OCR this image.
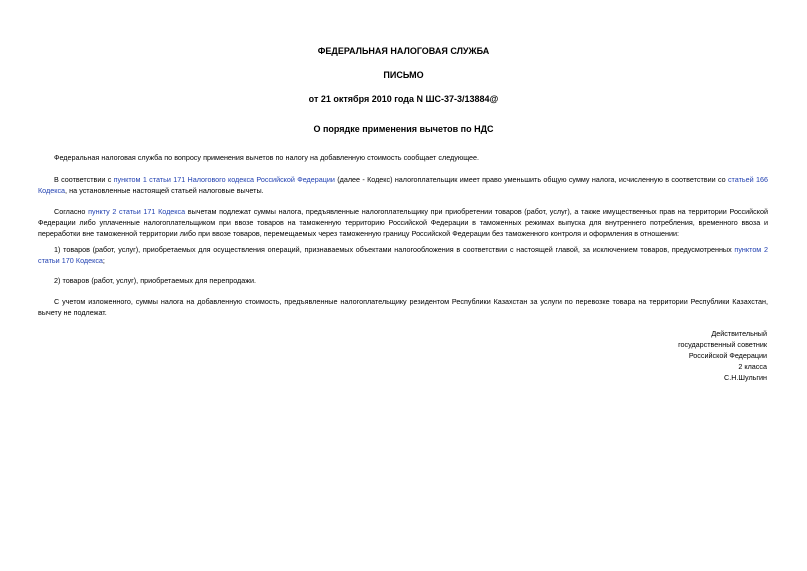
ФЕДЕРАЛЬНАЯ НАЛОГОВАЯ СЛУЖБА
ПИСЬМО
от 21 октября 2010 года N ШС-37-3/13884@
О порядке применения вычетов по НДС
Федеральная налоговая служба по вопросу применения вычетов по налогу на добавленную стоимость сообщает следующее.
В соответствии с пунктом 1 статьи 171 Налогового кодекса Российской Федерации (далее - Кодекс) налогоплательщик имеет право уменьшить общую сумму налога, исчисленную в соответствии со статьей 166 Кодекса, на установленные настоящей статьей налоговые вычеты.
Согласно пункту 2 статьи 171 Кодекса вычетам подлежат суммы налога, предъявленные налогоплательщику при приобретении товаров (работ, услуг), а также имущественных прав на территории Российской Федерации либо уплаченные налогоплательщиком при ввозе товаров на таможенную территорию Российской Федерации в таможенных режимах выпуска для внутреннего потребления, временного ввоза и переработки вне таможенной территории либо при ввозе товаров, перемещаемых через таможенную границу Российской Федерации без таможенного контроля и оформления в отношении:
1) товаров (работ, услуг), приобретаемых для осуществления операций, признаваемых объектами налогообложения в соответствии с настоящей главой, за исключением товаров, предусмотренных пунктом 2 статьи 170 Кодекса;
2) товаров (работ, услуг), приобретаемых для перепродажи.
С учетом изложенного, суммы налога на добавленную стоимость, предъявленные налогоплательщику резидентом Республики Казахстан за услуги по перевозке товара на территории Республики Казахстан, вычету не подлежат.
Действительный
государственный советник
Российской Федерации
2 класса
С.Н.Шульгин
